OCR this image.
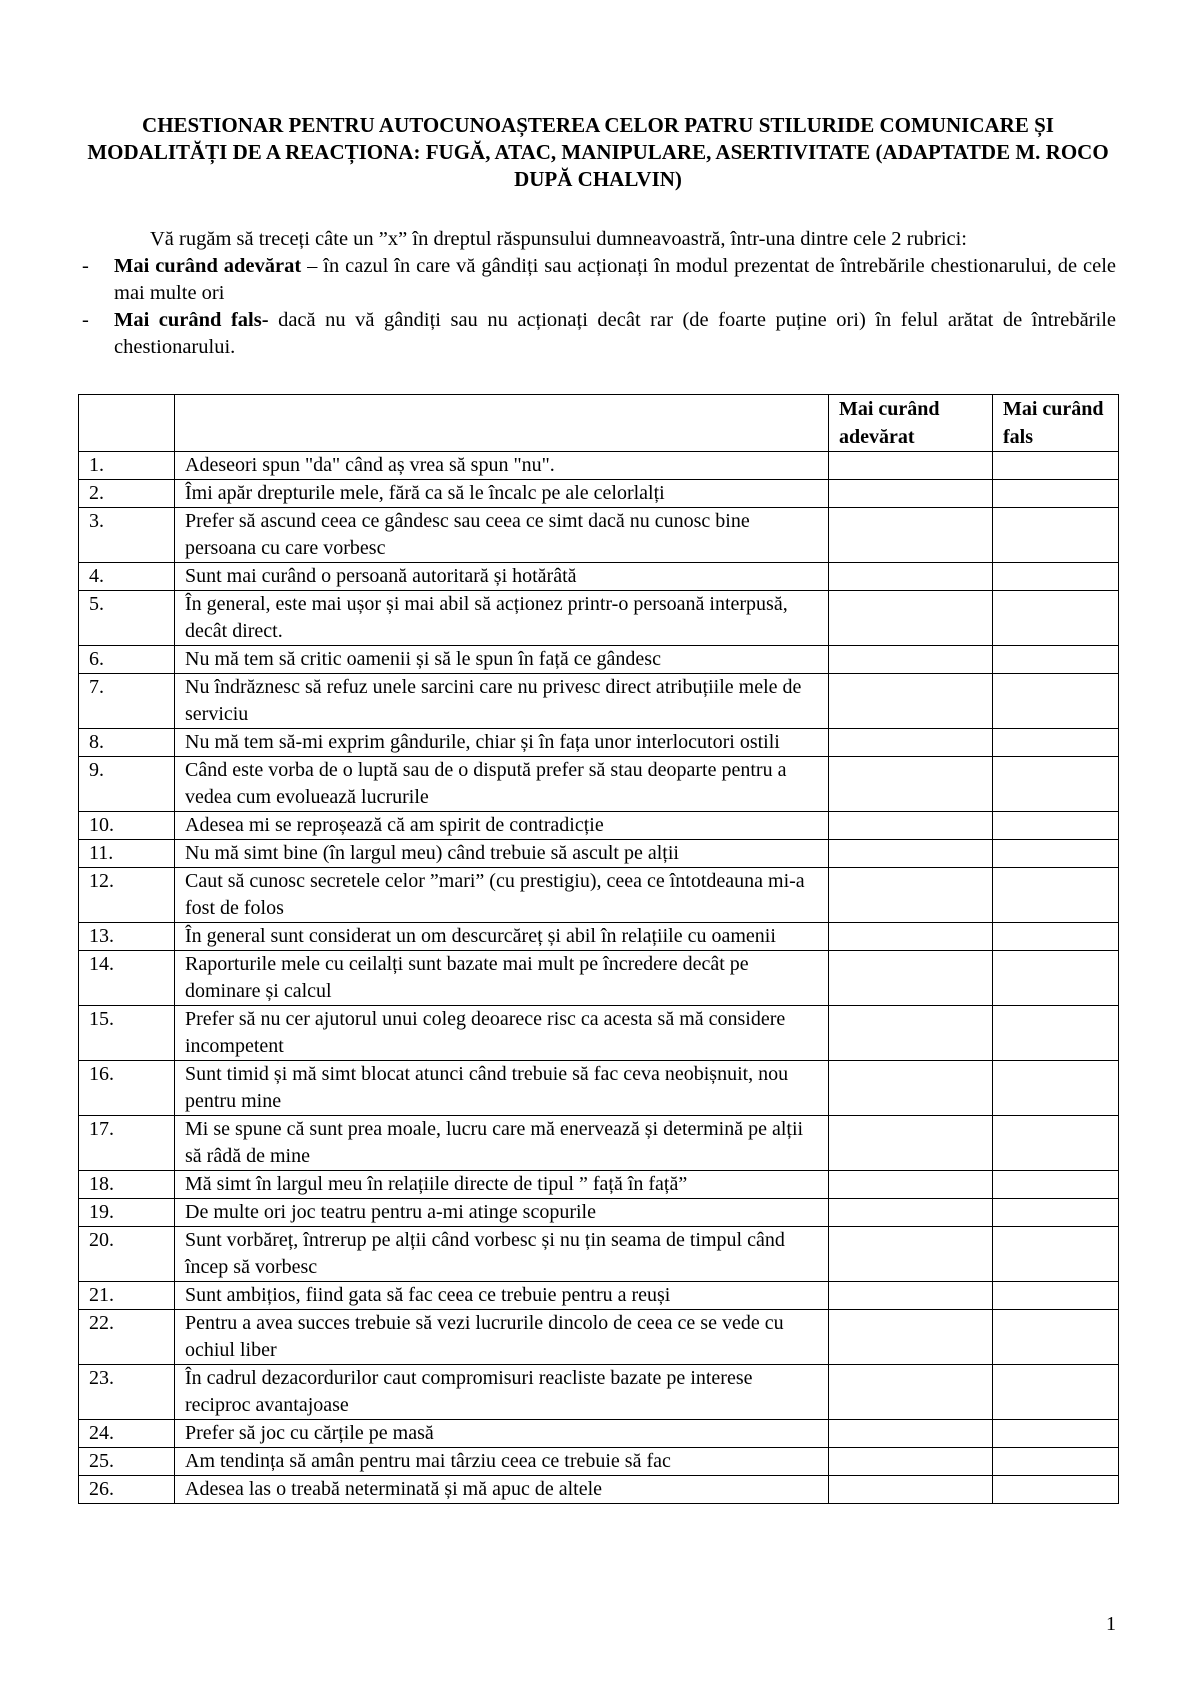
CHESTIONAR PENTRU AUTOCUNOAȘTEREA CELOR PATRU STILURIDE COMUNICARE ȘI MODALITĂȚI DE A REACȚIONA: FUGĂ, ATAC, MANIPULARE, ASERTIVITATE (ADAPTATDE M. ROCO DUPĂ CHALVIN)

Vă rugăm să treceți câte un ”x” în dreptul răspunsului dumneavoastră, într-una dintre cele 2 rubrici:

- Mai curând adevărat – în cazul în care vă gândiți sau acționați în modul prezentat de întrebările chestionarului, de cele mai multe ori
- Mai curând fals- dacă nu vă gândiți sau nu acționați decât rar (de foarte puține ori) în felul arătat de întrebările chestionarului.
		Mai curând adevărat	Mai curând fals
1.	Adeseori spun "da" când aș vrea să spun "nu".		
2.	Îmi apăr drepturile mele, fără ca să le încalc pe ale celorlalți		
3.	Prefer să ascund ceea ce gândesc sau ceea ce simt dacă nu cunosc bine persoana cu care vorbesc		
4.	Sunt mai curând o persoană autoritară și hotărâtă		
5.	În general, este mai ușor și mai abil să acționez printr-o persoană interpusă, decât direct.		
6.	Nu mă tem să critic oamenii și să le spun în față ce gândesc		
7.	Nu îndrăznesc să refuz unele sarcini care nu privesc direct atribuțiile mele de serviciu		
8.	Nu mă tem să-mi exprim gândurile, chiar și în fața unor interlocutori ostili		
9.	Când este vorba de o luptă sau de o dispută prefer să stau deoparte pentru a vedea cum evoluează lucrurile		
10.	Adesea mi se reproșează că am spirit de contradicție		
11.	Nu mă simt bine (în largul meu) când trebuie să ascult pe alții		
12.	Caut să cunosc secretele celor ”mari” (cu prestigiu), ceea ce întotdeauna mi-a fost de folos		
13.	În general sunt considerat un om descurcăreț și abil în relațiile cu oamenii		
14.	Raporturile mele cu ceilalți sunt bazate mai mult pe încredere decât pe dominare și calcul		
15.	Prefer să nu cer ajutorul unui coleg deoarece risc ca acesta să mă considere incompetent		
16.	Sunt timid și mă simt blocat atunci când trebuie să fac ceva neobișnuit, nou pentru mine		
17.	Mi se spune că sunt prea moale, lucru care mă enervează și determină pe alții să râdă de mine		
18.	Mă simt în largul meu în relațiile directe de tipul ” față în față”		
19.	De multe ori joc teatru pentru a-mi atinge scopurile		
20.	Sunt vorbăreț, întrerup pe alții când vorbesc și nu țin seama de timpul când încep să vorbesc		
21.	Sunt ambițios, fiind gata să fac ceea ce trebuie pentru a reuși		
22.	Pentru a avea succes trebuie să vezi lucrurile dincolo de ceea ce se vede cu ochiul liber		
23.	În cadrul dezacordurilor caut compromisuri reacliste bazate pe interese reciproc avantajoase		
24.	Prefer să joc cu cărțile pe masă		
25.	Am tendința să amân pentru mai târziu ceea ce trebuie să fac		
26.	Adesea las o treabă neterminată și mă apuc de altele		
1
